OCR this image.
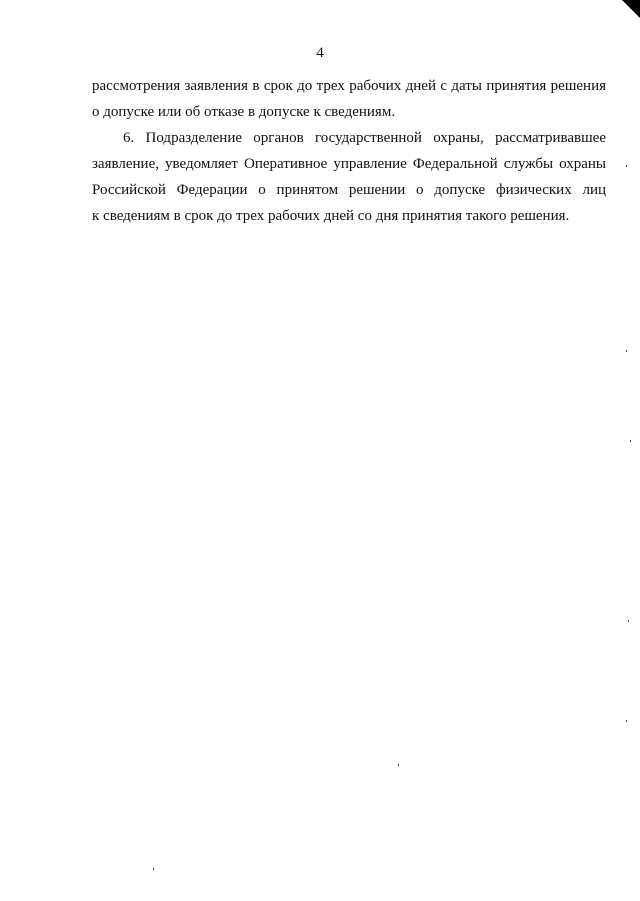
4
рассмотрения заявления в срок до трех рабочих дней с даты принятия решения
о допуске или об отказе в допуске к сведениям.
6. Подразделение органов государственной охраны, рассматривавшее
заявление, уведомляет Оперативное управление Федеральной службы охраны
Российской Федерации о принятом решении о допуске физических лиц
к сведениям в срок до трех рабочих дней со дня принятия такого решения.
